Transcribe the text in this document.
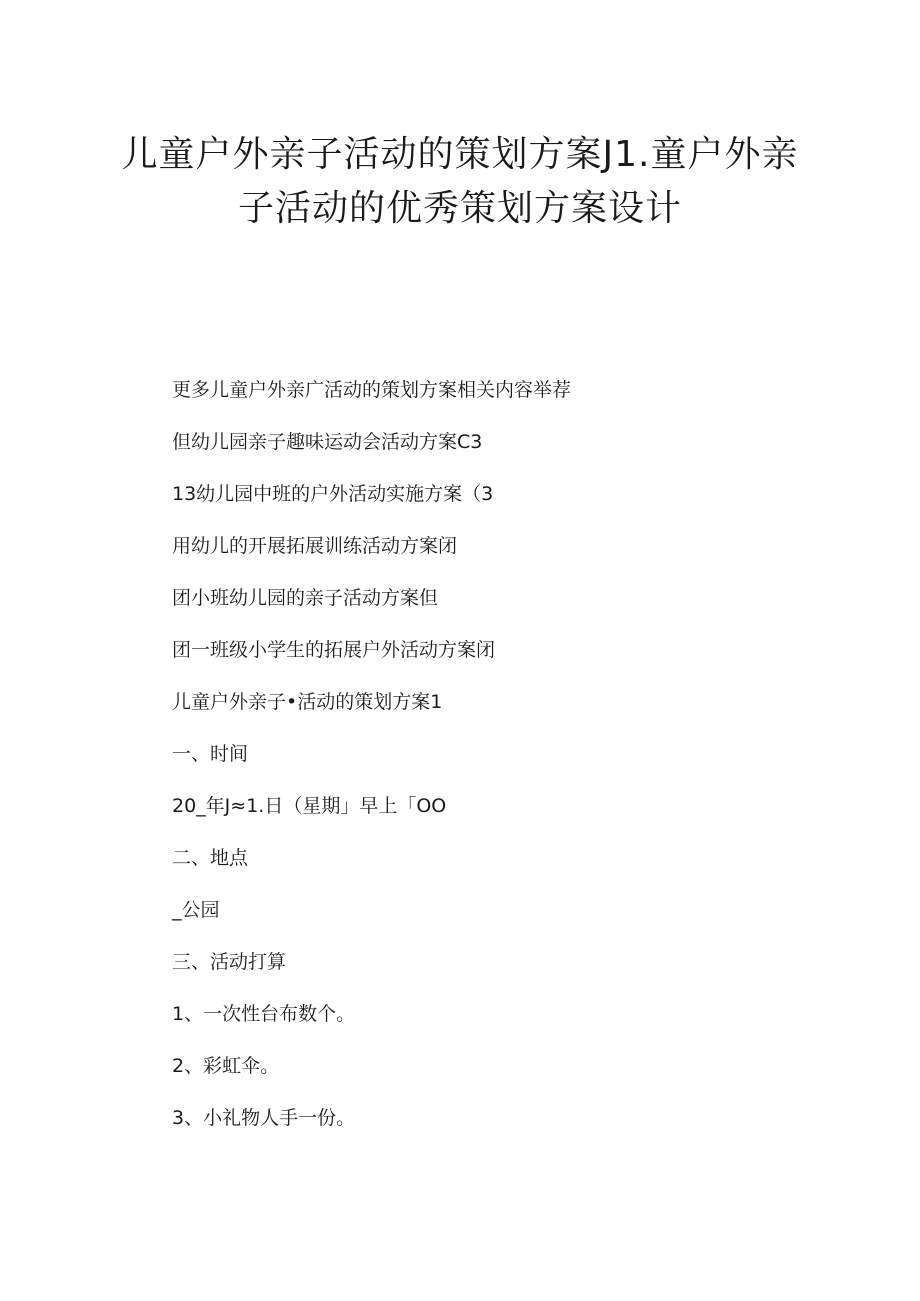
儿童户外亲子活动的策划方案J1.童户外亲子活动的优秀策划方案设计
更多儿童户外亲广活动的策划方案相关内容举荐
但幼儿园亲子趣味运动会活动方案C3
13幼儿园中班的户外活动实施方案（3
用幼儿的开展拓展训练活动方案闭
团小班幼儿园的亲子活动方案但
团一班级小学生的拓展户外活动方案闭
儿童户外亲子•活动的策划方案1
一、时间
20_年J≈1.日（星期」早上「OO
二、地点
_公园
三、活动打算
1、一次性台布数个。
2、彩虹伞。
3、小礼物人手一份。
